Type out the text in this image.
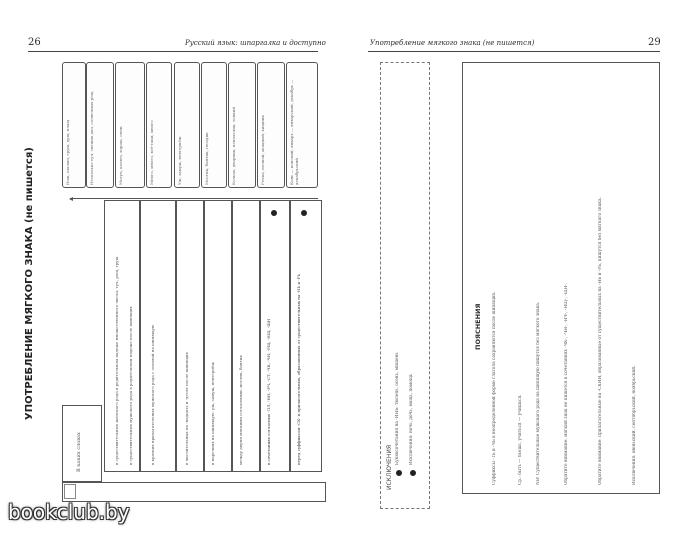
26	Русский язык: шпаргалка и доступно
УПОТРЕБЛЕНИЕ МЯГКОГО ЗНАКА (не пишется)
В каких словах	в существительных женского рода в родительном падеже множественного числа: туч, рощ, груш	в существительных мужского рода в родительном падеже после шипящих	в кратких прилагательных мужского рода с основой на шипящую	в числительных на -надцать и -десят после шипящих	в наречиях на шипящую: уж, замуж, невтерпёж	между двумя мягкими согласными: мостик, бантик	в сочетаниях согласных -ЛЛ, -НН, -РЧ, -СТ, -ЧК, -ЧН, -РЩ, -НЩ, -ЩН	перед суффиксом -СК- в прилагательных, образованных от существительных на -НЬ и -РЬ
Нож, шалаш, груш, душ, плащ	Несколько туч, свежих дач, солнечных рощ	Могуч, колюч, хорош, свеж	Много, много, всё-таки, много	Уж, замуж, невтерпёж	Мостик, бантик, гвоздик	Кольцо, дворник, пенальчик, тонкий	Речка, ночной, мощный, хищник	Конь — конский, январь — январский, декабрь — декабрьский
Употребление мягкого знака (не пишется)	29
ИСКЛЮЧЕНИЯ
Буквосочетания на -ИНЬ: тюлень, осень, мишень	Исключения: ночь, дочь, мощь, помощь
ПОЯСНЕНИЯ Суффиксы -ТЬ и -ЧЬ в неопределённой форме глагола сохраняются после шипящих.	Ср.: быть — бьёшь, учиться — учишься.	NB! Существительные мужского рода на шипящую пишутся без мягкого знака.	Обратите внимание: мягкий знак не пишется в сочетаниях -ЧК-, -ЧН-, -НЧ-, -НЩ-, -ЩН-.	Обратите внимание: прилагательные на -СКИЙ, образованные от существительных на -НЬ и -РЬ, пишутся без мягкого знака.	Исключения: июньский, сентябрьский, ноябрьский.
bookclub.by
